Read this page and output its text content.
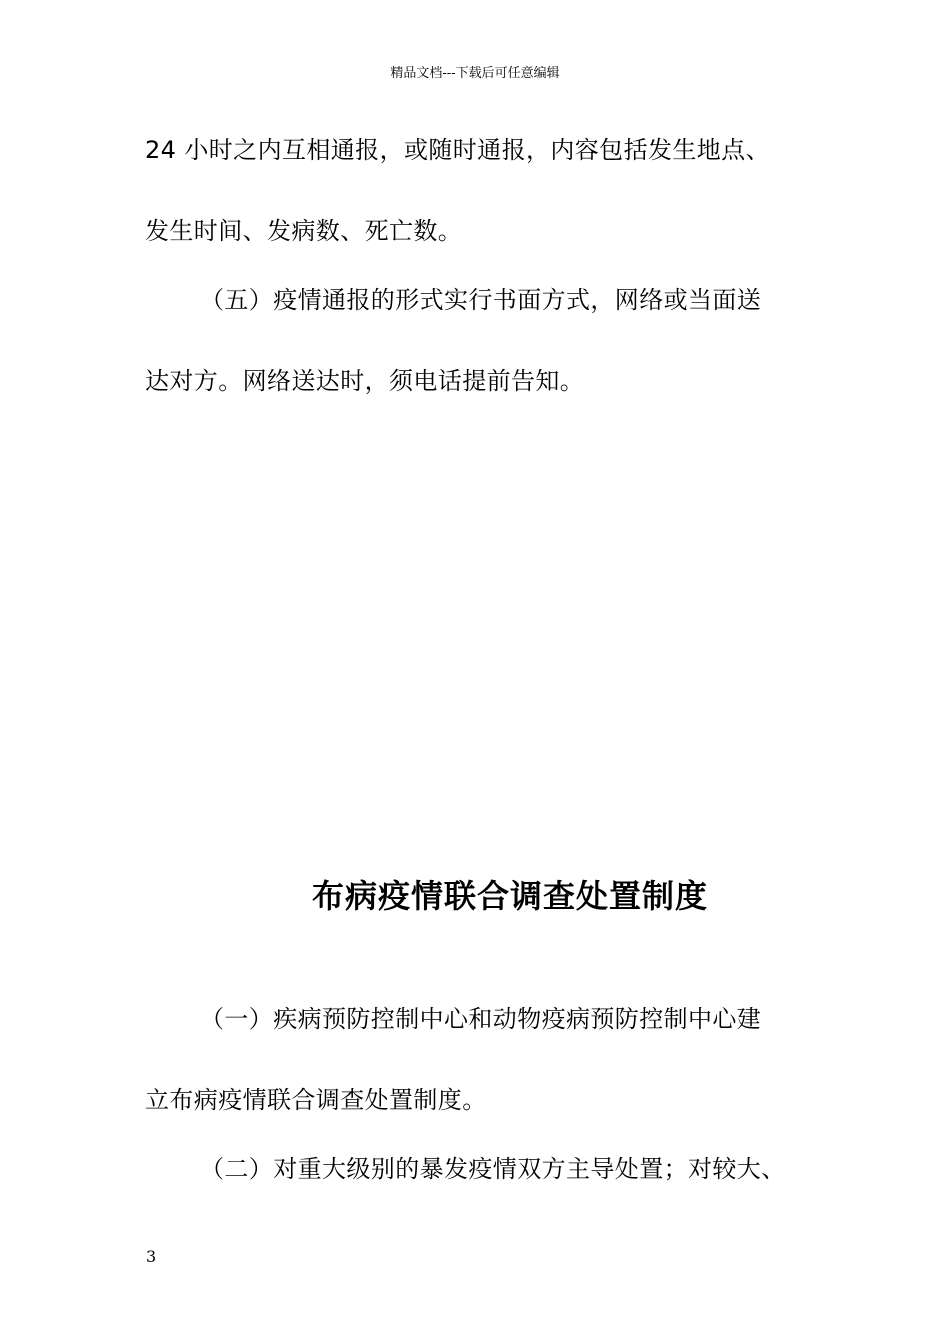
精品文档---下载后可任意编辑
24 小时之内互相通报，或随时通报，内容包括发生地点、
发生时间、发病数、死亡数。
（五）疫情通报的形式实行书面方式，网络或当面送
达对方。网络送达时，须电话提前告知。
布病疫情联合调查处置制度
（一）疾病预防控制中心和动物疫病预防控制中心建
立布病疫情联合调查处置制度。
（二）对重大级别的暴发疫情双方主导处置；对较大、
3
